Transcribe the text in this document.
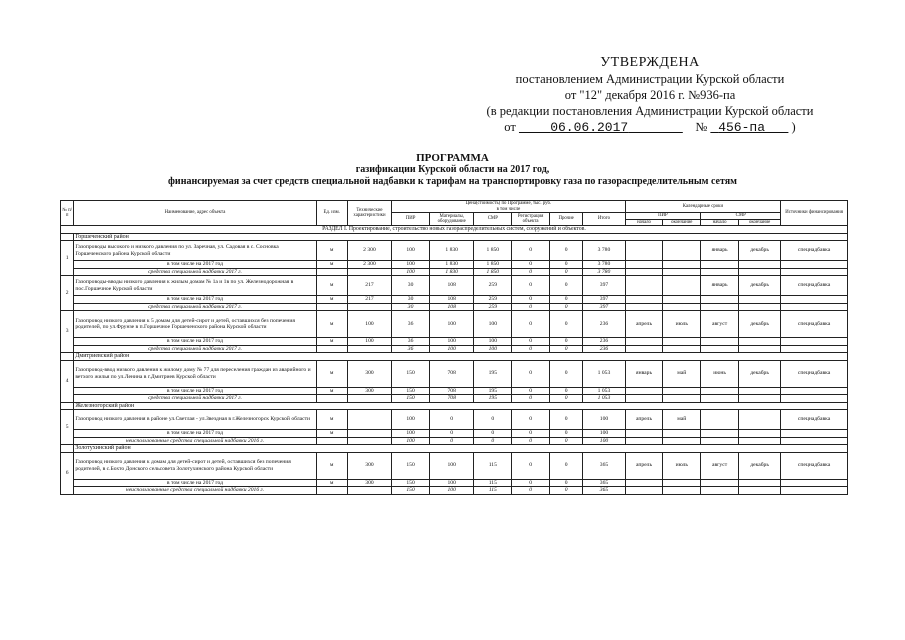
УТВЕРЖДЕНА
постановлением Администрации Курской области
от "12" декабря 2016 г. №936-па
(в редакции постановления Администрации Курской области
от	06.06.2017	№ 456-па )
ПРОГРАММА
газификации Курской области на 2017 год,
финансируемая за счет средств специальной надбавки к тарифам на транспортировку газа по газораспределительным сетям
№ п/п	Наименование, адрес объекта	Ед. изм.	Технические характеристики	Цена(стоимость) по Программе, тыс. руб.
в том числе						Календарные сроки				Источники финансирования
				ПИР	Материалы, оборудование	СМР	Регистрация объекта	Прочие	Итого	ПИР		СМР		
										начало	окончание	начало	окончание	
РАЗДЕЛ I. Проектирование, строительство новых газораспределительных систем, сооружений и объектов.														
	Горшеченский район													
1	Газопроводы высокого и низкого давления по ул. Заречная, ул. Садовая в с. Сосновка Горшеченского района Курской области	м	2 300	100	1 830	1 850	0	0	3 780			январь	декабрь	спецнадбавка
	в том числе на 2017 год	м	2 300	100	1 830	1 850	0	0	3 780					
	средства специальной надбавки 2017 г.			100	1 830	1 850	0	0	3 780					
2	Газопроводы-вводы низкого давления к жилым домам № 1а и 1в по ул. Железнодорожная в пос.Горшечное Курской области	м	217	30	108	259	0	0	397			январь	декабрь	спецнадбавка
	в том числе на 2017 год	м	217	30	108	259	0	0	397					
	средства специальной надбавки 2017 г.			30	108	259	0	0	397					
3	Газопровод низкого давления к 5 домам для детей-сирот и детей, оставшихся без попечения родителей, по ул.Фрунзе в п.Горшечное Горшеченского района Курской области	м	100	36	100	100	0	0	236	апрель	июль	август	декабрь	спецнадбавка
	в том числе на 2017 год	м	100	36	100	100	0	0	236					
	средства специальной надбавки 2017 г.			36	100	100	0	0	236					
	Дмитриевский район													
4	Газопровод-ввод низкого давления к жилому дому № 77 для переселения граждан из аварийного и ветхого жилья по ул.Ленина в г.Дмитриев Курской области	м	300	150	708	195	0	0	1 053	январь	май	июнь	декабрь	спецнадбавка
	в том числе на 2017 год	м	300	150	708	195	0	0	1 053					
	средства специальной надбавки 2017 г.			150	708	195	0	0	1 053					
	Железногорский район													
5	Газопровод низкого давления в районе ул.Светлая - ул.Звездная в г.Железногорск Курской области	м		100	0	0	0	0	100	апрель	май			спецнадбавка
	в том числе на 2017 год	м		100	0	0	0	0	100					
	неиспользованные средства специальной надбавки 2016 г.			100	0	0	0	0	100					
	Золотухинский район													
6	Газопровод низкого давления к домам для детей-сирот и детей, оставшихся без попечения родителей, в с.Бохто Донского сельсовета Золотухинского района Курской области	м	300	150	100	115	0	0	365	апрель	июль	август	декабрь	спецнадбавка
	в том числе на 2017 год	м	300	150	100	115	0	0	365					
	неиспользованные средства специальной надбавки 2016 г.			150	100	115	0	0	365					
